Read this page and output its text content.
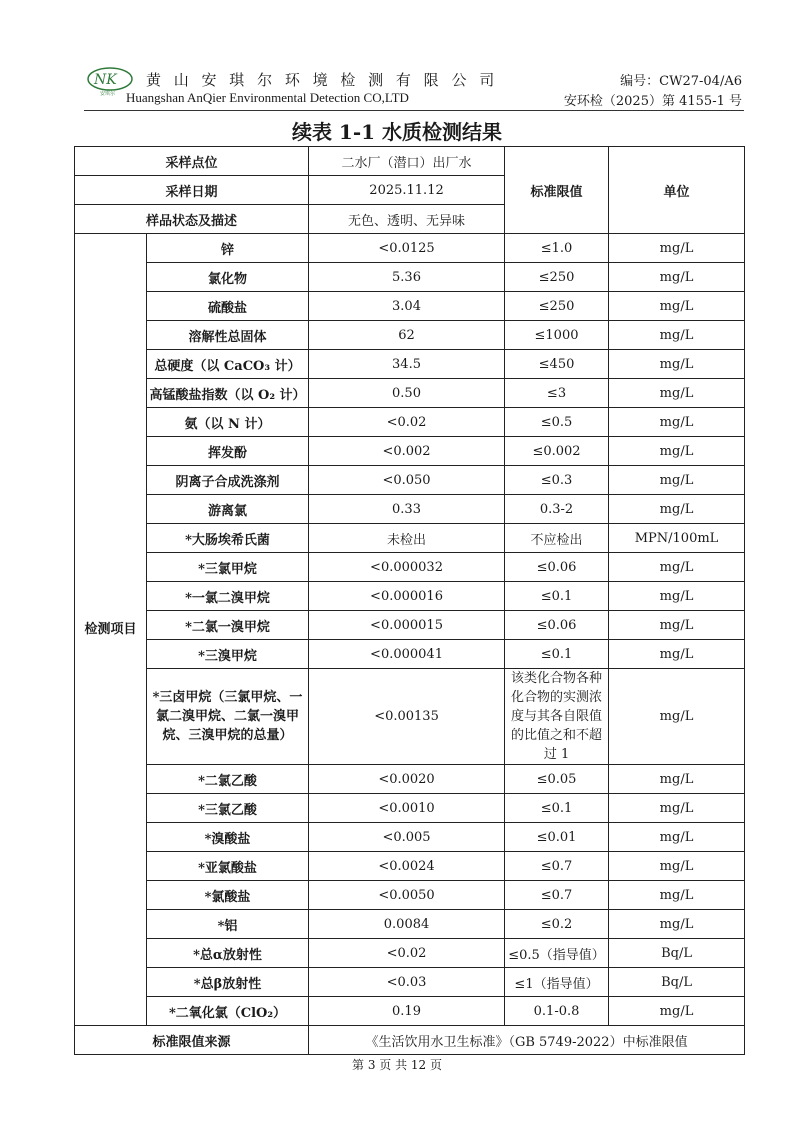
NK
安琪尔
黄 山 安 琪 尔 环 境 检 测 有 限 公 司
Huangshan AnQier Environmental Detection CO,LTD
编号：CW27-04/A6
安环检（2025）第 4155-1 号
续表 1-1 水质检测结果
采样点位		二水厂（潜口）出厂水	标准限值	单位
采样日期		2025.11.12		
样品状态及描述		无色、透明、无异味		
检测项目	锌	<0.0125	≤1.0	mg/L
	氯化物	5.36	≤250	mg/L
	硫酸盐	3.04	≤250	mg/L
	溶解性总固体	62	≤1000	mg/L
	总硬度（以 CaCO₃ 计）	34.5	≤450	mg/L
	高锰酸盐指数（以 O₂ 计）	0.50	≤3	mg/L
	氨（以 N 计）	<0.02	≤0.5	mg/L
	挥发酚	<0.002	≤0.002	mg/L
	阴离子合成洗涤剂	<0.050	≤0.3	mg/L
	游离氯	0.33	0.3-2	mg/L
	*大肠埃希氏菌	未检出	不应检出	MPN/100mL
	*三氯甲烷	<0.000032	≤0.06	mg/L
	*一氯二溴甲烷	<0.000016	≤0.1	mg/L
	*二氯一溴甲烷	<0.000015	≤0.06	mg/L
	*三溴甲烷	<0.000041	≤0.1	mg/L
	*三卤甲烷（三氯甲烷、一氯二溴甲烷、二氯一溴甲烷、三溴甲烷的总量）	<0.00135	该类化合物各种化合物的实测浓度与其各自限值的比值之和不超过 1	mg/L
	*二氯乙酸	<0.0020	≤0.05	mg/L
	*三氯乙酸	<0.0010	≤0.1	mg/L
	*溴酸盐	<0.005	≤0.01	mg/L
	*亚氯酸盐	<0.0024	≤0.7	mg/L
	*氯酸盐	<0.0050	≤0.7	mg/L
	*铝	0.0084	≤0.2	mg/L
	*总α放射性	<0.02	≤0.5（指导值）	Bq/L
	*总β放射性	<0.03	≤1（指导值）	Bq/L
	*二氧化氯（ClO₂）	0.19	0.1-0.8	mg/L
标准限值来源		《生活饮用水卫生标准》（GB 5749-2022）中标准限值		
第 3 页 共 12 页
